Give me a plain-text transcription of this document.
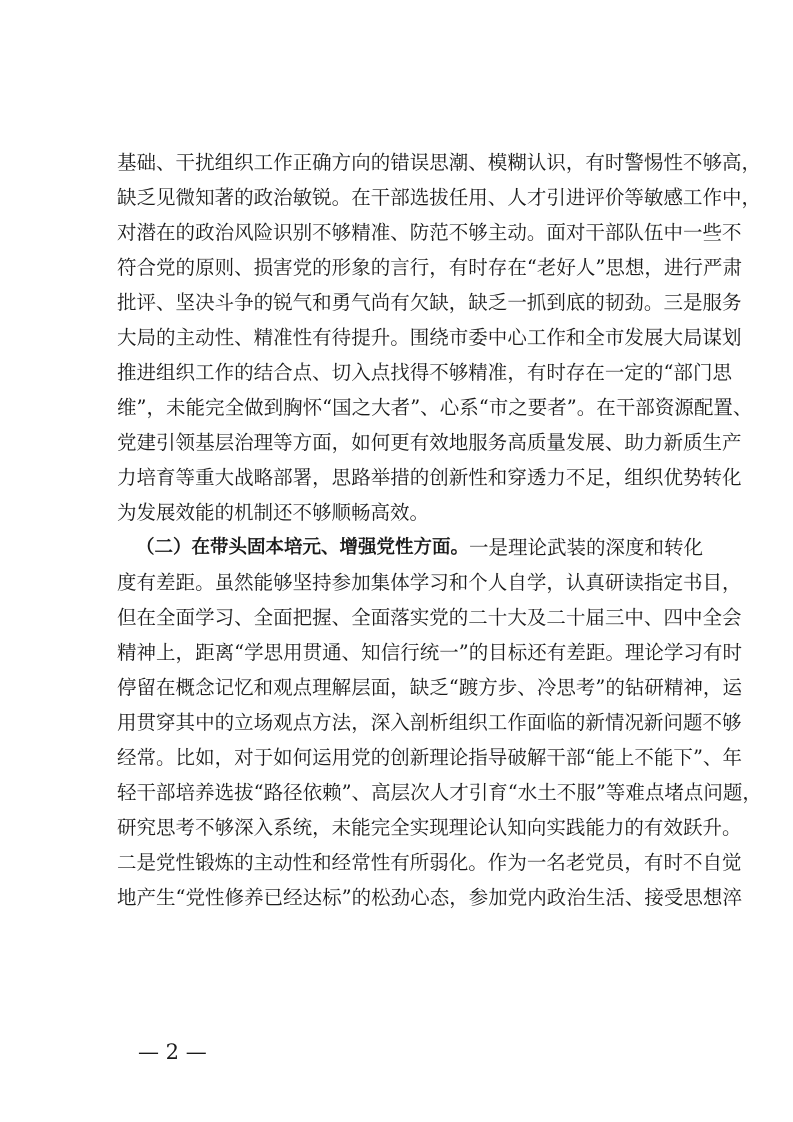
基 础 、 干 扰 组 织 工 作 正 确 方 向 的 错 误 思 潮 、 模 糊 认 识 ， 有 时 警 惕 性 不 够 高 ，
缺 乏 见 微 知 著 的 政 治 敏 锐 。 在 干 部 选 拔 任 用 、 人 才 引 进 评 价 等 敏 感 工 作 中 ，
对 潜 在 的 政 治 风 险 识 别 不 够 精 准 、 防 范 不 够 主 动 。 面 对 干 部 队 伍 中 一 些 不
符 合 党 的 原 则 、 损 害 党 的 形 象 的 言 行 ， 有 时 存 在 “ 老 好 人 ” 思 想 ， 进 行 严 肃
批 评 、 坚 决 斗 争 的 锐 气 和 勇 气 尚 有 欠 缺 ， 缺 乏 一 抓 到 底 的 韧 劲 。 三 是 服 务
大 局 的 主 动 性 、 精 准 性 有 待 提 升 。 围 绕 市 委 中 心 工 作 和 全 市 发 展 大 局 谋 划
推 进 组 织 工 作 的 结 合 点 、 切 入 点 找 得 不 够 精 准 ， 有 时 存 在 一 定 的 “ 部 门 思
维 ” ， 未 能 完 全 做 到 胸 怀 “ 国 之 大 者 ” 、 心 系 “ 市 之 要 者 ” 。 在 干 部 资 源 配 置 、
党 建 引 领 基 层 治 理 等 方 面 ， 如 何 更 有 效 地 服 务 高 质 量 发 展 、 助 力 新 质 生 产
力 培 育 等 重 大 战 略 部 署 ， 思 路 举 措 的 创 新 性 和 穿 透 力 不 足 ， 组 织 优 势 转 化
为发展效能的机制还不够顺畅高效。
（二）在带头固本培元、增强党性方面。 一是理论武装的深度和转化
度 有 差 距 。 虽 然 能 够 坚 持 参 加 集 体 学 习 和 个 人 自 学 ， 认 真 研 读 指 定 书 目 ，
但 在 全 面 学 习 、 全 面 把 握 、 全 面 落 实 党 的 二 十 大 及 二 十 届 三 中 、 四 中 全 会
精 神 上 ， 距 离 “ 学 思 用 贯 通 、 知 信 行 统 一 ” 的 目 标 还 有 差 距 。 理 论 学 习 有 时
停 留 在 概 念 记 忆 和 观 点 理 解 层 面 ， 缺 乏 “ 踱 方 步 、 冷 思 考 ” 的 钻 研 精 神 ， 运
用 贯 穿 其 中 的 立 场 观 点 方 法 ， 深 入 剖 析 组 织 工 作 面 临 的 新 情 况 新 问 题 不 够
经 常 。 比 如 ， 对 于 如 何 运 用 党 的 创 新 理 论 指 导 破 解 干 部 “ 能 上 不 能 下 ” 、 年
轻 干 部 培 养 选 拔 “ 路 径 依 赖 ” 、 高 层 次 人 才 引 育 “ 水 土 不 服 ” 等 难 点 堵 点 问 题 ，
研 究 思 考 不 够 深 入 系 统 ， 未 能 完 全 实 现 理 论 认 知 向 实 践 能 力 的 有 效 跃 升 。
二 是 党 性 锻 炼 的 主 动 性 和 经 常 性 有 所 弱 化 。 作 为 一 名 老 党 员 ， 有 时 不 自 觉
地 产 生 “ 党 性 修 养 已 经 达 标 ” 的 松 劲 心 态 ， 参 加 党 内 政 治 生 活 、 接 受 思 想 淬
— 2 —
